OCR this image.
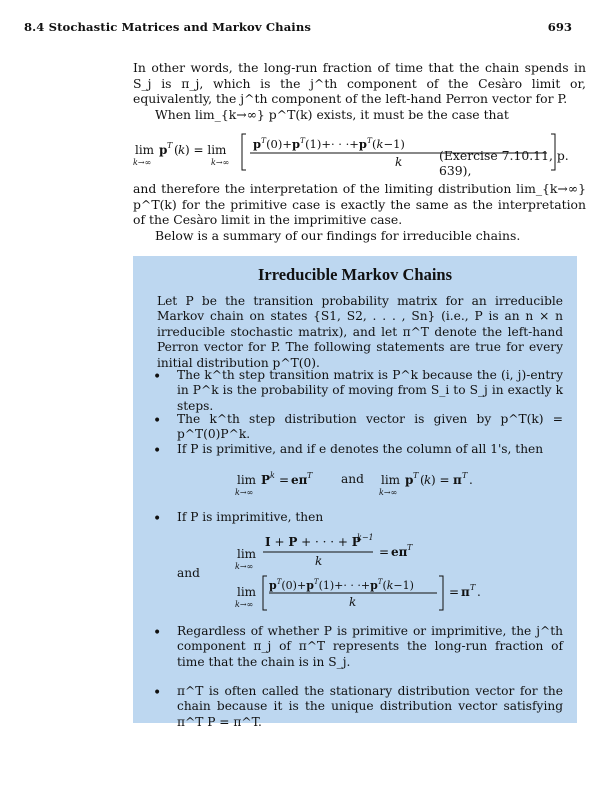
8.4 Stochastic Matrices and Markov Chains	693
In other words, the long-run fraction of time that the chain spends in S_j is π_j, which is the j^th component of the Cesàro limit or, equivalently, the j^th component of the left-hand Perron vector for P.
When lim_{k→∞} p^T(k) exists, it must be the case that
lim
k→∞
p T ( k ) = lim
k→∞
$p^T(0)+p^T(1)+\cdot \cdot \cdot+p^T(k-1)$
k	(Exercise 7.10.11, p. 639),
and therefore the interpretation of the limiting distribution lim_{k→∞} p^T(k) for the primitive case is exactly the same as the interpretation of the Cesàro limit in the imprimitive case.
Below is a summary of our findings for irreducible chains.
Irreducible Markov Chains
Let P be the transition probability matrix for an irreducible Markov chain on states {S1, S2, . . . , Sn} (i.e., P is an n × n irreducible stochastic matrix), and let π^T denote the left-hand Perron vector for P. The following statements are true for every initial distribution p^T(0).
• The k^th step transition matrix is P^k because the (i, j)-entry in P^k is the probability of moving from S_i to S_j in exactly k steps.
• The k^th step distribution vector is given by p^T(k) = p^T(0)P^k.
• If P is primitive, and if e denotes the column of all 1's, then
lim
k→∞
P k = eπ T	lim
k→∞
p T ( k ) = π T .
and
• If P is imprimitive, then
lim
k→∞
I + P + · · · + P
k−1
k
= eπ T
lim
k→∞
$p^T(0)+p^T(1)+\cdot \cdot \cdot+p^T(k-1)$
k
= π T .
and
• Regardless of whether P is primitive or imprimitive, the j^th component π_j of π^T represents the long-run fraction of time that the chain is in S_j.
• π^T is often called the stationary distribution vector for the chain because it is the unique distribution vector satisfying π^T P = π^T.
